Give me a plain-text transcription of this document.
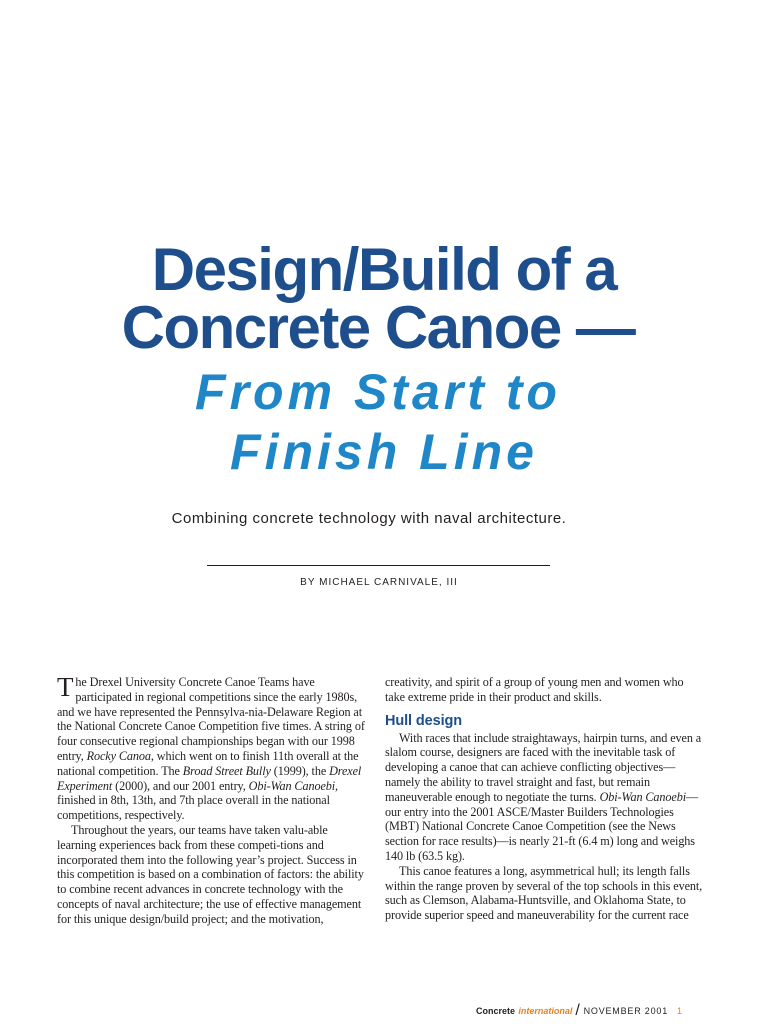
Design/Build of a
Concrete Canoe —
From Start to
Finish Line
Combining concrete technology with naval architecture.
BY MICHAEL CARNIVALE, III

The Drexel University Concrete Canoe Teams have participated in regional competitions since the early 1980s, and we have represented the Pennsylva-nia-Delaware Region at the National Concrete Canoe Competition five times. A string of four consecutive regional championships began with our 1998 entry, Rocky Canoa, which went on to finish 11th overall at the national competition. The Broad Street Bully (1999), the Drexel Experiment (2000), and our 2001 entry, Obi-Wan Canoebi, finished in 8th, 13th, and 7th place overall in the national competitions, respectively.

Throughout the years, our teams have taken valu-able learning experiences back from these competi-tions and incorporated them into the following year’s project. Success in this competition is based on a combination of factors: the ability to combine recent advances in concrete technology with the concepts of naval architecture; the use of effective management for this unique design/build project; and the motivation,

creativity, and spirit of a group of young men and women who take extreme pride in their product and skills.

Hull design

With races that include straightaways, hairpin turns, and even a slalom course, designers are faced with the inevitable task of developing a canoe that can achieve conflicting objectives—namely the ability to travel straight and fast, but remain maneuverable enough to negotiate the turns. Obi-Wan Canoebi—our entry into the 2001 ASCE/Master Builders Technologies (MBT) National Concrete Canoe Competition (see the News section for race results)—is nearly 21-ft (6.4 m) long and weighs 140 lb (63.5 kg).

This canoe features a long, asymmetrical hull; its length falls within the range proven by several of the top schools in this event, such as Clemson, Alabama-Huntsville, and Oklahoma State, to provide superior speed and maneuverability for the current race

Concrete international / NOVEMBER 2001 1
